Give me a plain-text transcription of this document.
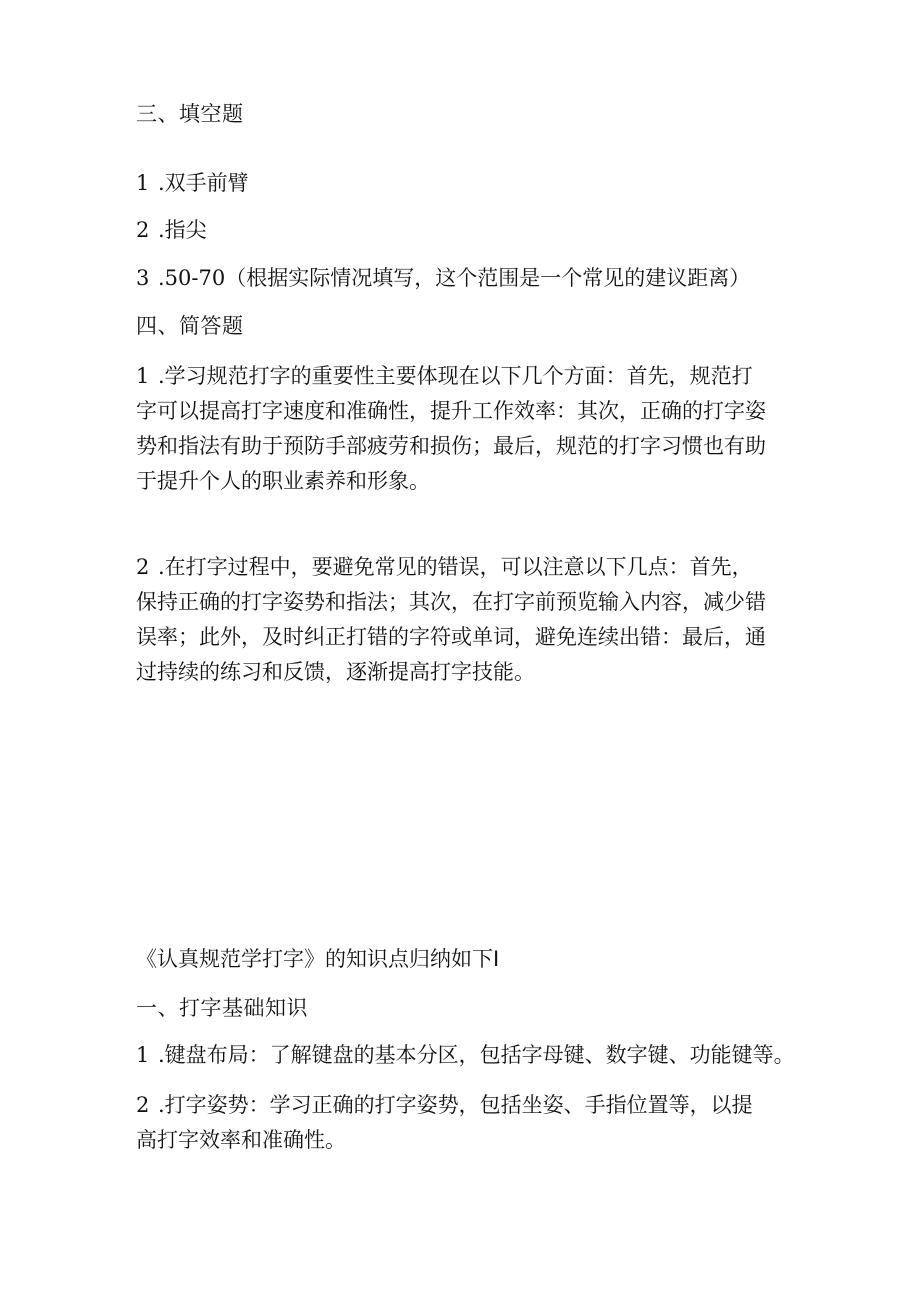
三、填空题
1 .双手前臂
2 .指尖
3 .50-70（根据实际情况填写，这个范围是一个常见的建议距离）
四、简答题

1 .学习规范打字的重要性主要体现在以下几个方面：首先，规范打

字可以提高打字速度和准确性，提升工作效率：其次，正确的打字姿

势和指法有助于预防手部疲劳和损伤；最后，规范的打字习惯也有助

于提升个人的职业素养和形象。

2 .在打字过程中，要避免常见的错误，可以注意以下几点：首先，

保持正确的打字姿势和指法；其次，在打字前预览输入内容，减少错

误率；此外，及时纠正打错的字符或单词，避免连续出错：最后，通

过持续的练习和反馈，逐渐提高打字技能。

《认真规范学打字》的知识点归纳如下I
一、打字基础知识
1 .键盘布局：了解键盘的基本分区，包括字母键、数字键、功能键等。

2 .打字姿势：学习正确的打字姿势，包括坐姿、手指位置等，以提

高打字效率和准确性。
